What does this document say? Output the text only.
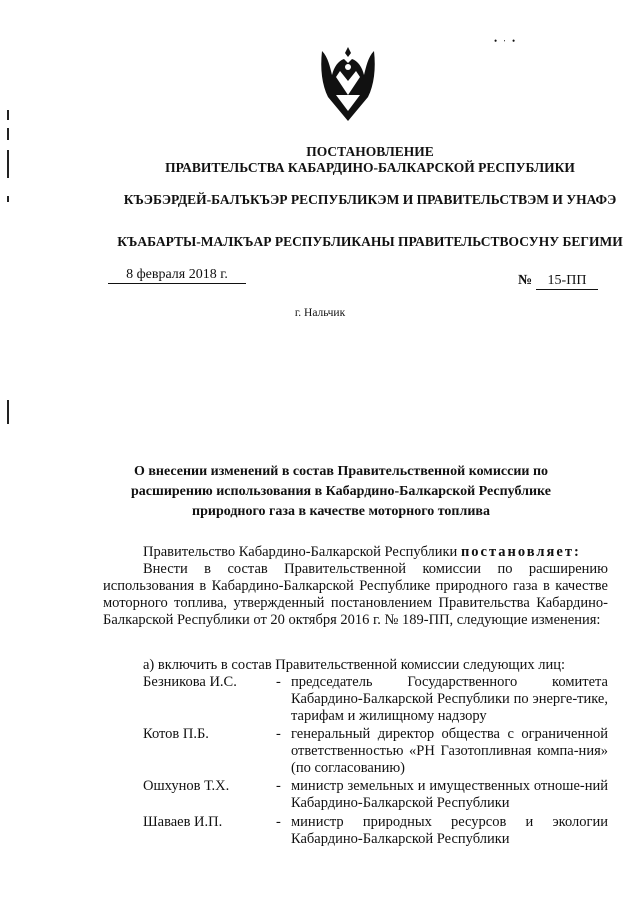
•‧•
ПОСТАНОВЛЕНИЕ
ПРАВИТЕЛЬСТВА КАБАРДИНО-БАЛКАРСКОЙ РЕСПУБЛИКИ
КЪЭБЭРДЕЙ-БАЛЪКЪЭР РЕСПУБЛИКЭМ И ПРАВИТЕЛЬСТВЭМ И УНАФЭ
КЪАБАРТЫ-МАЛКЪАР РЕСПУБЛИКАНЫ ПРАВИТЕЛЬСТВОСУНУ БЕГИМИ
8 февраля 2018 г.	№	15-ПП
г. Нальчик
О внесении изменений в состав Правительственной комиссии по расширению использования в Кабардино-Балкарской Республике природного газа в качестве моторного топлива
Правительство Кабардино-Балкарской Республики постановляет:
Внести в состав Правительственной комиссии по расширению использования в Кабардино-Балкарской Республике природного газа в качестве моторного топлива, утвержденный постановлением Правительства Кабардино-Балкарской Республики от 20 октября 2016 г. № 189-ПП, следующие изменения:
а) включить в состав Правительственной комиссии следующих лиц:
Безникова И.С.	- председатель Государственного комитета Кабардино-Балкарской Республики по энерге-тике, тарифам и жилищному надзору
Котов П.Б.	- генеральный директор общества с ограниченной ответственностью «РН Газотопливная компа-ния» (по согласованию)
Ошхунов Т.Х.	- министр земельных и имущественных отноше-ний Кабардино-Балкарской Республики
Шаваев И.П.	- министр природных ресурсов и экологии Кабардино-Балкарской Республики
